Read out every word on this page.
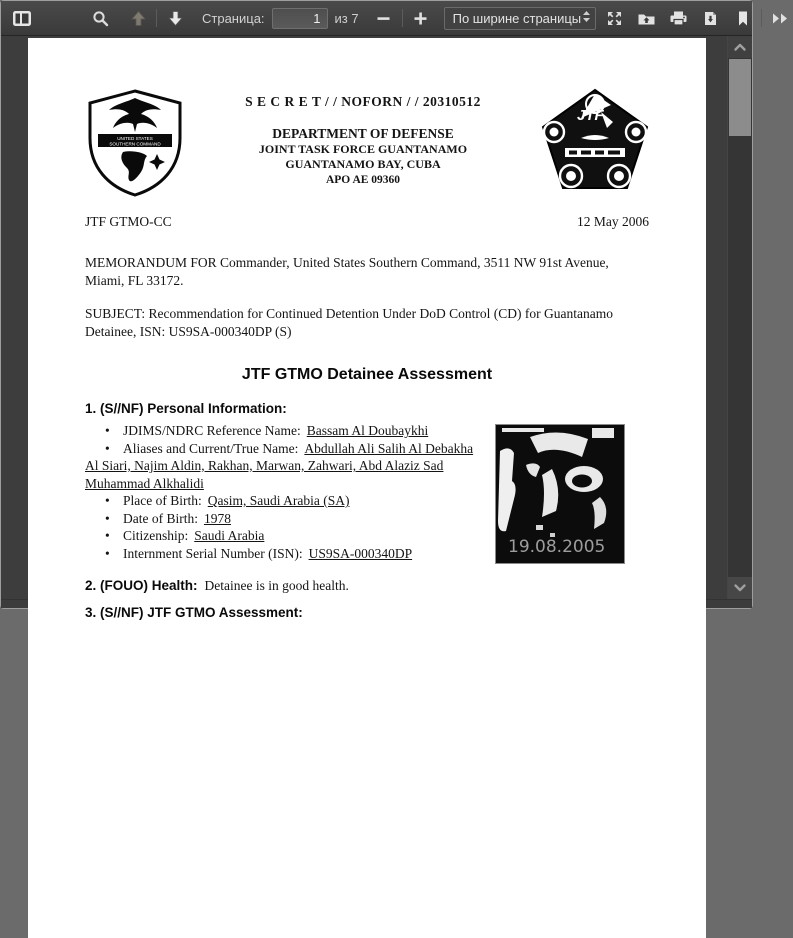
Страница:
1	из 7	По ширине страницы
UNITED STATES
SOUTHERN COMMAND
S E C R E T / / NOFORN / / 20310512
DEPARTMENT OF DEFENSE
JOINT TASK FORCE GUANTANAMO
GUANTANAMO BAY, CUBA
APO AE 09360
JTF
JTF GTMO-CC	12 May 2006
MEMORANDUM FOR Commander, United States Southern Command, 3511 NW 91st Avenue, Miami, FL 33172.
SUBJECT: Recommendation for Continued Detention Under DoD Control (CD) for Guantanamo Detainee, ISN: US9SA-000340DP (S)
JTF GTMO Detainee Assessment
1. (S//NF) Personal Information:
19.08.2005
• JDIMS/NDRC Reference Name: Bassam Al Doubaykhi
• Aliases and Current/True Name: Abdullah Ali Salih Al Debakha Al Siari, Najim Aldin, Rakhan, Marwan, Zahwari, Abd Alaziz Sad Muhammad Alkhalidi
• Place of Birth: Qasim, Saudi Arabia (SA)
• Date of Birth: 1978
• Citizenship: Saudi Arabia
• Internment Serial Number (ISN): US9SA-000340DP
2. (FOUO) Health: Detainee is in good health.
3. (S//NF) JTF GTMO Assessment:
